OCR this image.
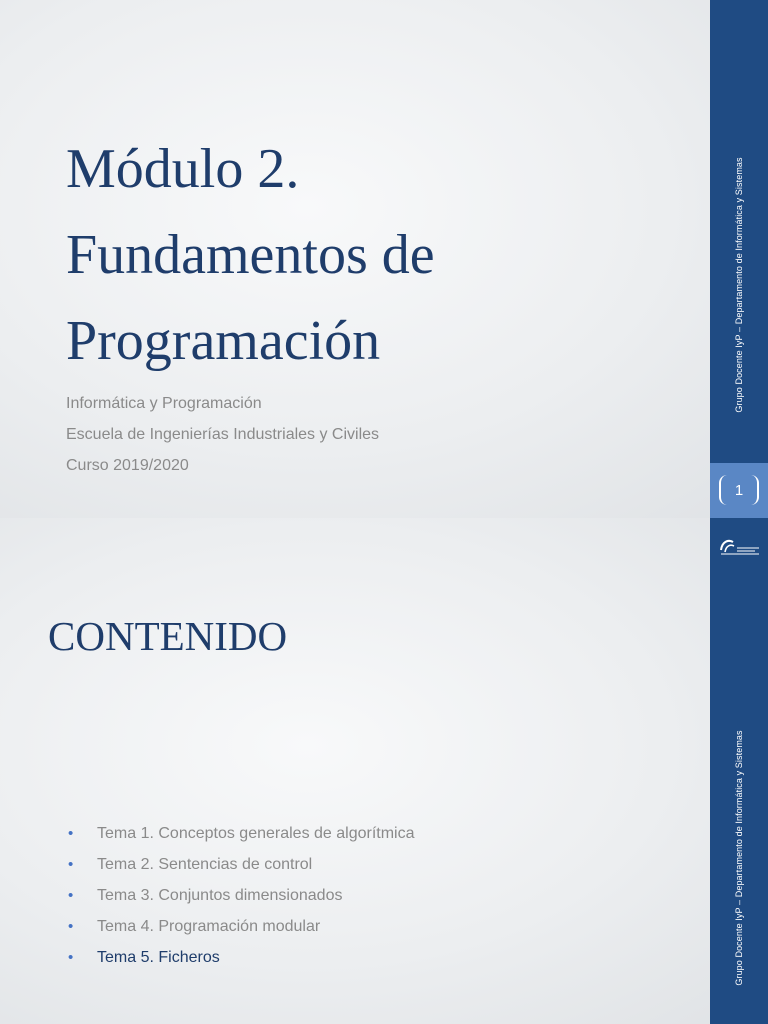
Módulo 2.
Fundamentos de
Programación
Informática y Programación
Escuela de Ingenierías Industriales y Civiles
Curso 2019/2020
Grupo Docente IyP – Departamento de Informática y Sistemas
1
CONTENIDO
• Tema 1. Conceptos generales de algorítmica
• Tema 2. Sentencias de control
• Tema 3. Conjuntos dimensionados
• Tema 4. Programación modular
• Tema 5. Ficheros	Grupo Docente IyP – Departamento de Informática y Sistemas
